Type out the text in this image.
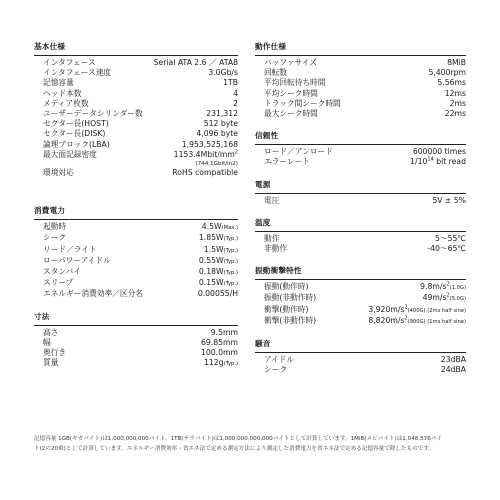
基本仕様
インタフェース	Serial ATA 2.6 ／ ATA8
インタフェース速度	3.0Gb/s
記憶容量	1TB
ヘッド本数	4
メディア枚数	2
ユーザーデータシリンダー数	231,312
セクター長(HOST)	512 byte
セクター長(DISK)	4,096 byte
論理ブロック(LBA)	1,953,525,168
最大面記録密度	$1153.4Mbit/mm^2$
(744.1Gbit/in2)
環境対応	RoHS compatible
消費電力
起動時	4.5W(Max.)
シーク	1.85W(Typ.)
リード／ライト	1.5W(Typ.)
ローパワーアイドル	0.55W(Typ.)
スタンバイ	0.18W(Typ.)
スリープ	0.15W(Typ.)
エネルギー消費効率／区分名	0.00055/H
寸法
高さ	9.5mm
幅	69.85mm
奥行き	100.0mm
質量	112g(Typ.)
動作仕様
バッファサイズ	8MiB
回転数	5,400rpm
平均回転待ち時間	5.56ms
平均シーク時間	12ms
トラック間シーク時間	2ms
最大シーク時間	22ms
信頼性
ロード／アンロード	600000 times
エラーレート	$1/10^{14}$ bit read
電源
電圧	5V ± 5%
温度
動作	5～55℃
非動作	-40～65℃
振動衝撃特性
振動(動作時)	$9.8m/s^2(1.0G)$
振動(非動作時)	$49m/s^2(5.0G)$
衝撃(動作時)	$3,920m/s^2(400G)$ (2ms half sine)
衝撃(非動作時)	$8,820m/s^2(900G)$ (1ms half sine)
騒音
アイドル	23dBA
シーク	24dBA
記憶容量 1GB(ギガバイト)は1,000,000,000バイト、1TB(テラバイト)は1,000,000,000,000バイトとして計算しています。1MiB(メビバイト)は1,048,576バイ
ト(2の20乗)として計算しています。エネルギー消費効率・省エネ法で定める測定方法により測定した消費電力を省エネ法で定める記憶容量で除したものです。
